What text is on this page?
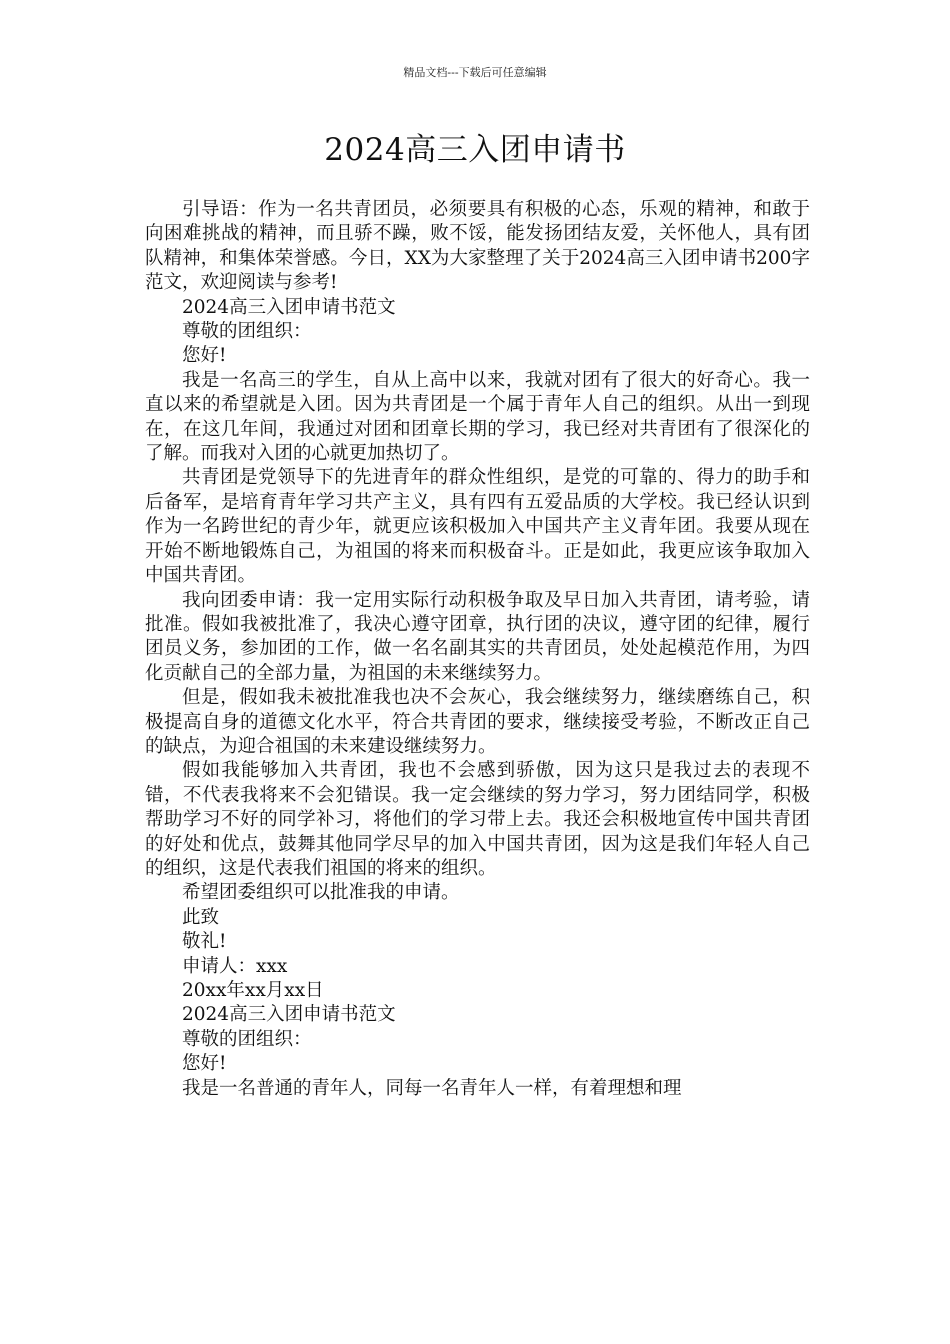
精品文档---下载后可任意编辑
2024高三入团申请书

引导语：作为一名共青团员，必须要具有积极的心态，乐观的精神，和敢于向困难挑战的精神，而且骄不躁，败不馁，能发扬团结友爱，关怀他人，具有团队精神，和集体荣誉感。今日，XX为大家整理了关于2024高三入团申请书200字范文，欢迎阅读与参考!

2024高三入团申请书范文

尊敬的团组织：

您好!

我是一名高三的学生，自从上高中以来，我就对团有了很大的好奇心。我一直以来的希望就是入团。因为共青团是一个属于青年人自己的组织。从出一到现在，在这几年间，我通过对团和团章长期的学习，我已经对共青团有了很深化的了解。而我对入团的心就更加热切了。

共青团是党领导下的先进青年的群众性组织，是党的可靠的、得力的助手和后备军，是培育青年学习共产主义，具有四有五爱品质的大学校。我已经认识到作为一名跨世纪的青少年，就更应该积极加入中国共产主义青年团。我要从现在开始不断地锻炼自己，为祖国的将来而积极奋斗。正是如此，我更应该争取加入中国共青团。

我向团委申请：我一定用实际行动积极争取及早日加入共青团，请考验，请批准。假如我被批准了，我决心遵守团章，执行团的决议，遵守团的纪律，履行团员义务，参加团的工作，做一名名副其实的共青团员，处处起模范作用，为四化贡献自己的全部力量，为祖国的未来继续努力。

但是，假如我未被批准我也决不会灰心，我会继续努力，继续磨练自己，积极提高自身的道德文化水平，符合共青团的要求，继续接受考验，不断改正自己的缺点，为迎合祖国的未来建设继续努力。

假如我能够加入共青团，我也不会感到骄傲，因为这只是我过去的表现不错，不代表我将来不会犯错误。我一定会继续的努力学习，努力团结同学，积极帮助学习不好的同学补习，将他们的学习带上去。我还会积极地宣传中国共青团的好处和优点，鼓舞其他同学尽早的加入中国共青团，因为这是我们年轻人自己的组织，这是代表我们祖国的将来的组织。

希望团委组织可以批准我的申请。

此致

敬礼!

申请人：xxx

20xx年xx月xx日

2024高三入团申请书范文

尊敬的团组织：

您好!

我是一名普通的青年人，同每一名青年人一样，有着理想和理
